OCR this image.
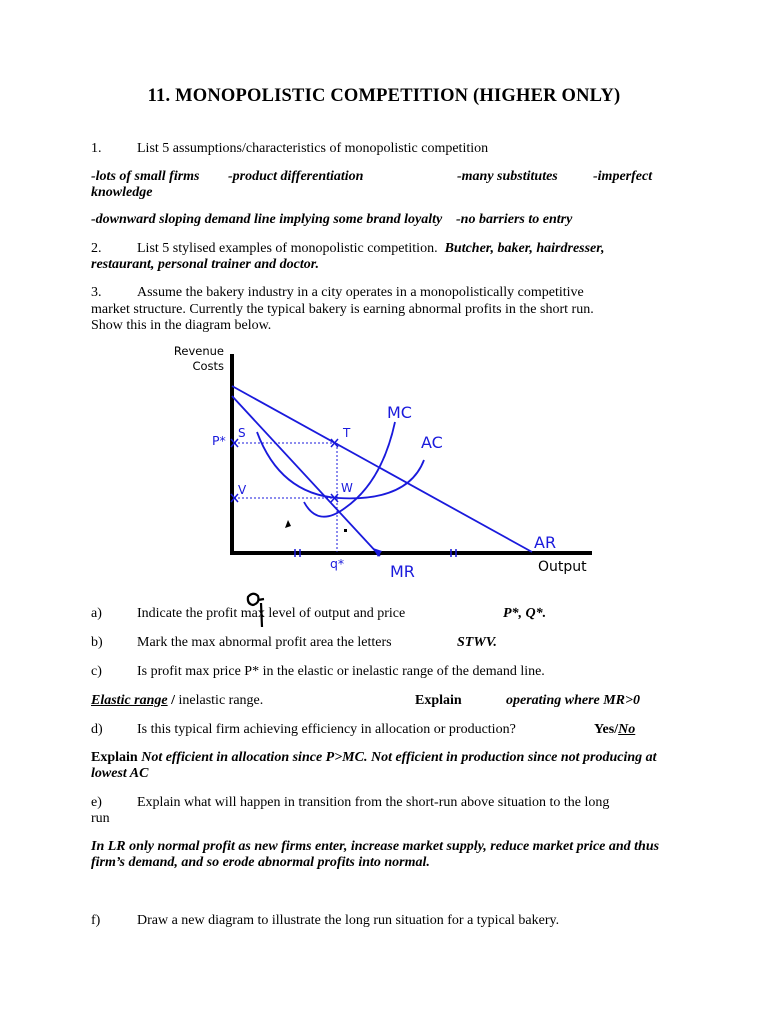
11. MONOPOLISTIC COMPETITION (HIGHER ONLY)
1.	List 5 assumptions/characteristics of monopolistic competition
-lots of small firms -product differentiation	-many substitutes	-imperfect
knowledge
-downward sloping demand line implying some brand loyalty -no barriers to entry
2.	List 5 stylised examples of monopolistic competition. Butcher, baker, hairdresser,
restaurant, personal trainer and doctor.
3.	Assume the bakery industry in a city operates in a monopolistically competitive
market structure. Currently the typical bakery is earning abnormal profits in the short run.
Show this in the diagram below.
Revenue
Costs
Output
MC
AC
AR
MR
P*
q*
S	T
V	W
a)	Indicate the profit max level of output and price	P*, Q*.
b) Mark the max abnormal profit area the letters	STWV.
c)	Is profit max price P* in the elastic or inelastic range of the demand line.
Elastic range / inelastic range.	Explain	operating where MR>0
d) Is this typical firm achieving efficiency in allocation or production?	Yes/No
Explain Not efficient in allocation since P>MC. Not efficient in production since not producing at
lowest AC
e)	Explain what will happen in transition from the short-run above situation to the long
run
In LR only normal profit as new firms enter, increase market supply, reduce market price and thus
firm’s demand, and so erode abnormal profits into normal.
f)	Draw a new diagram to illustrate the long run situation for a typical bakery.
